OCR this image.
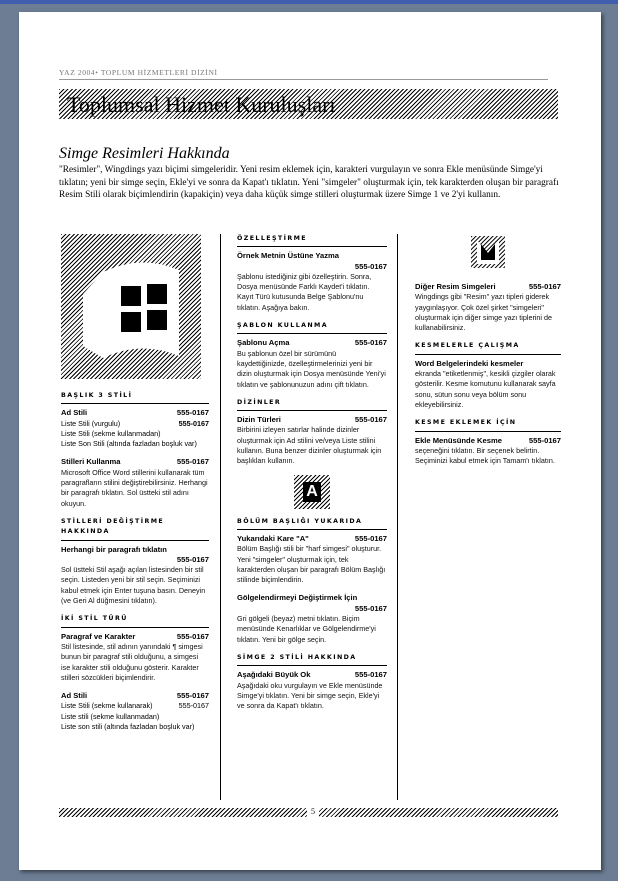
YAZ 2004• TOPLUM HİZMETLERİ DİZİNİ
Toplumsal Hizmet Kuruluşları
Simge Resimleri Hakkında
"Resimler", Wingdings yazı biçimi simgeleridir. Yeni resim eklemek için, karakteri vurgulayın ve sonra Ekle menüsünde Simge'yi tıklatın; yeni bir simge seçin, Ekle'yi ve sonra da Kapat'ı tıklatın. Yeni "simgeler" oluşturmak için, tek karakterden oluşan bir paragrafı Resim Stili olarak biçimlendirin (kapakiçin) veya daha küçük simge stilleri oluşturmak üzere Simge 1 ve 2'yi kullanın.
BAŞLIK 3 STİLİ
Ad Stili	555-0167
Liste Stili (vurgulu)	555-0167
Liste Stili (sekme kullanmadan)
Liste Son Stili (altında fazladan boşluk var)
Stilleri Kullanma	555-0167
Microsoft Office Word stillerini kullanarak tüm paragrafların stilini değiştirebilirsiniz. Herhangi bir paragrafı tıklatın. Sol üstteki stil adını okuyun.
STİLLERİ DEĞİŞTİRME HAKKINDA
Herhangi bir paragrafı tıklatın
555-0167
Sol üstteki Stil aşağı açılan listesinden bir stil seçin. Listeden yeni bir stil seçin. Seçiminizi kabul etmek için Enter tuşuna basın. Deneyin (ve Geri Al düğmesini tıklatın).
İKİ STİL TÜRÜ
Paragraf ve Karakter	555-0167
Stil listesinde, stil adının yanındaki ¶ simgesi bunun bir paragraf stili olduğunu, a simgesi ise karakter stili olduğunu gösterir. Karakter stilleri sözcükleri biçimlendirir.
Ad Stili	555-0167
Liste Stili (sekme kullanarak)	555-0167
Liste stili (sekme kullanmadan)
Liste son stili (altında fazladan boşluk var)
ÖZELLEŞTİRME
Örnek Metnin Üstüne Yazma
555-0167
Şablonu istediğiniz gibi özelleştirin. Sonra, Dosya menüsünde Farklı Kaydet'i tıklatın. Kayıt Türü kutusunda Belge Şablonu'nu tıklatın. Aşağıya bakın.
ŞABLON KULLANMA
Şablonu Açma	555-0167
Bu şablonun özel bir sürümünü kaydettiğinizde, özelleştirmelerinizi yeni bir dizin oluşturmak için Dosya menüsünde Yeni'yi tıklatın ve şablonunuzun adını çift tıklatın.
DİZİNLER
Dizin Türleri	555-0167
Birbirini izleyen satırlar halinde dizinler oluşturmak için Ad stilini ve/veya Liste stilini kullanın. Buna benzer dizinler oluşturmak için başlıkları kullanın.
A
BÖLÜM BAŞLIĞI YUKARIDA
Yukarıdaki Kare "A"	555-0167
Bölüm Başlığı stili bir "harf simgesi" oluşturur. Yeni "simgeler" oluşturmak için, tek karakterden oluşan bir paragrafı Bölüm Başlığı stilinde biçimlendirin.
Gölgelendirmeyi Değiştirmek İçin
555-0167
Gri gölgeli (beyaz) metni tıklatın. Biçim menüsünde Kenarlıklar ve Gölgelendirme'yi tıklatın. Yeni bir gölge seçin.
SİMGE 2 STİLİ HAKKINDA
Aşağıdaki Büyük Ok	555-0167
Aşağıdaki oku vurgulayın ve Ekle menüsünde Simge'yi tıklatın. Yeni bir simge seçin, Ekle'yi ve sonra da Kapat'ı tıklatın.
Diğer Resim Simgeleri	555-0167
Wingdings gibi "Resim" yazı tipleri giderek yaygınlaşıyor. Çok özel şirket "simgeleri" oluşturmak için diğer simge yazı tiplerini de kullanabilirsiniz.
KESMELERLE ÇALIŞMA
Word Belgelerindeki kesmeler
ekranda "etiketlenmiş", kesikli çizgiler olarak gösterilir. Kesme komutunu kullanarak sayfa sonu, sütun sonu veya bölüm sonu ekleyebilirsiniz.
KESME EKLEMEK İÇİN
Ekle Menüsünde Kesme	555-0167
seçeneğini tıklatın. Bir seçenek belirtin. Seçiminizi kabul etmek için Tamam'ı tıklatın.
5
